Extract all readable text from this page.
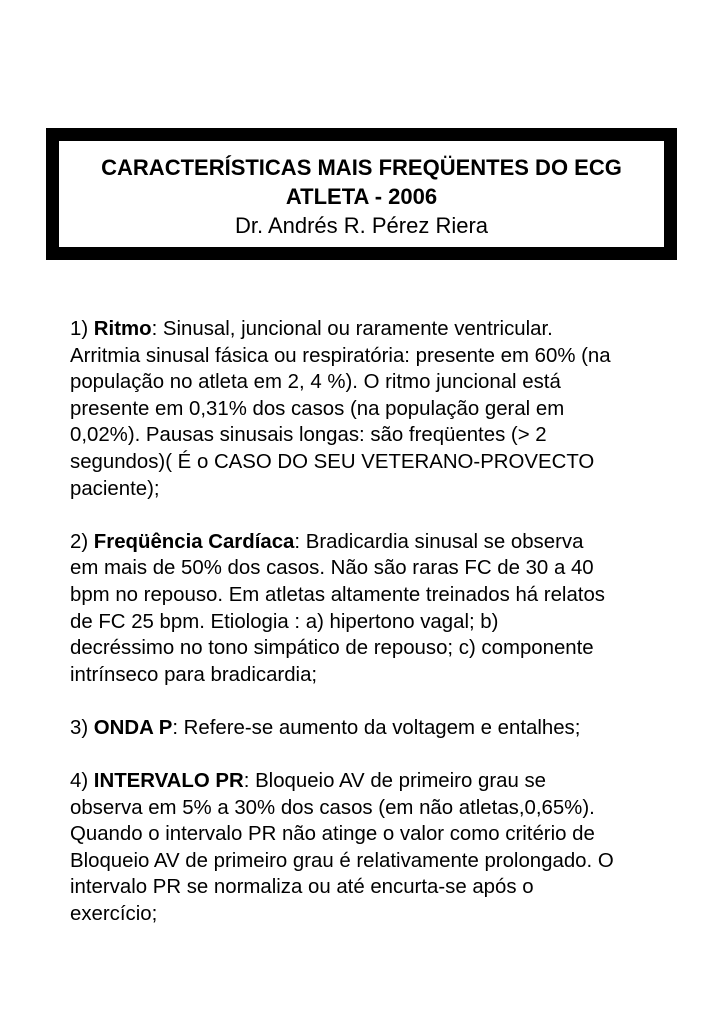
CARACTERÍSTICAS MAIS FREQÜENTES DO ECG
ATLETA - 2006
Dr. Andrés R. Pérez Riera

1) Ritmo: Sinusal, juncional ou raramente ventricular.
Arritmia sinusal fásica ou respiratória: presente em 60% (na
população no atleta em 2, 4 %). O ritmo juncional está
presente em 0,31% dos casos (na população geral em
0,02%). Pausas sinusais longas: são freqüentes (> 2
segundos)( É o CASO DO SEU VETERANO-PROVECTO
paciente);

2) Freqüência Cardíaca: Bradicardia sinusal se observa
em mais de 50% dos casos. Não são raras FC de 30 a 40
bpm no repouso. Em atletas altamente treinados há relatos
de FC 25 bpm. Etiologia : a) hipertono vagal; b)
decréssimo no tono simpático de repouso; c) componente
intrínseco para bradicardia;

3) ONDA P: Refere-se aumento da voltagem e entalhes;

4) INTERVALO PR: Bloqueio AV de primeiro grau se
observa em 5% a 30% dos casos (em não atletas,0,65%).
Quando o intervalo PR não atinge o valor como critério de
Bloqueio AV de primeiro grau é relativamente prolongado. O
intervalo PR se normaliza ou até encurta-se após o
exercício;
